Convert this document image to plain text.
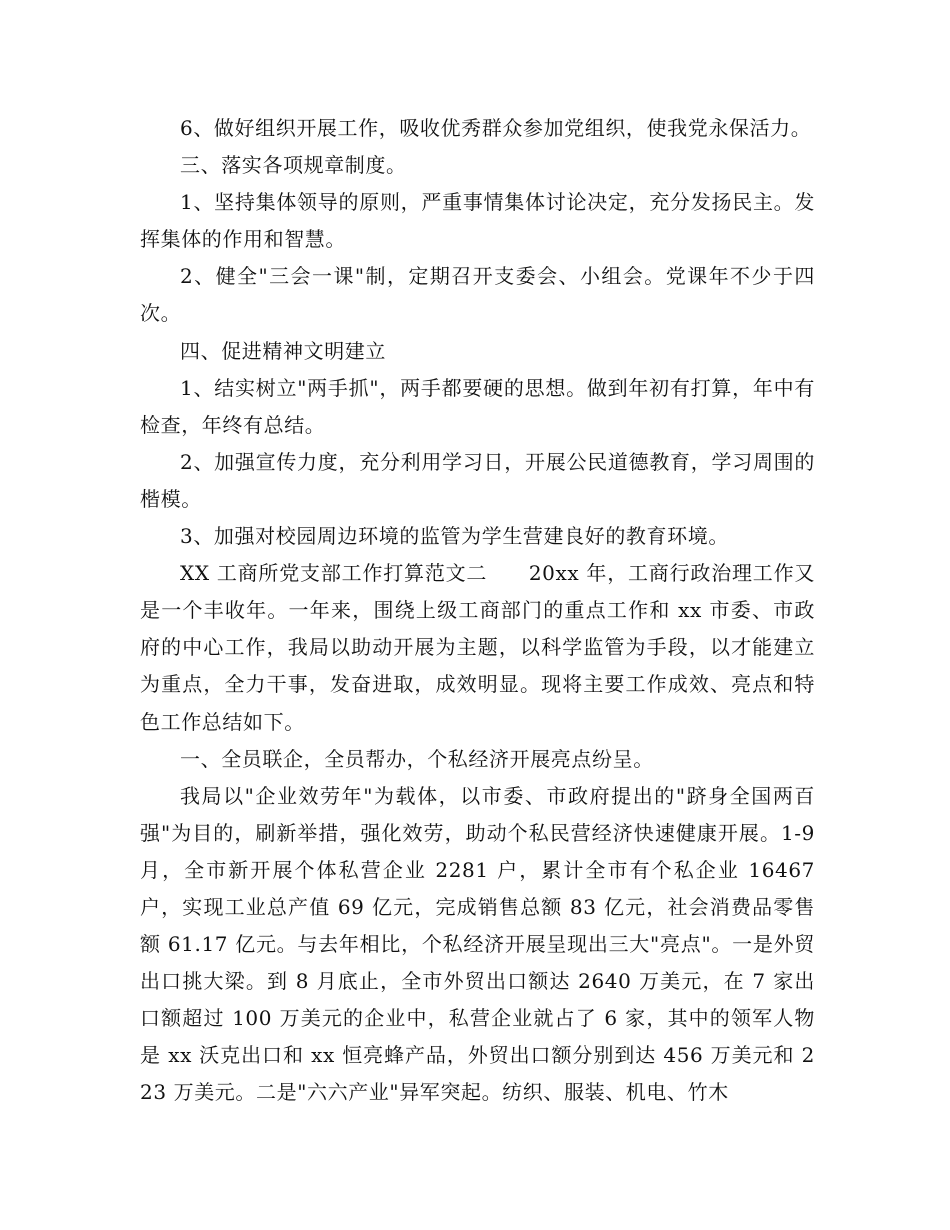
6、做好组织开展工作，吸收优秀群众参加党组织，使我党永保活力。

三、落实各项规章制度。

1、坚持集体领导的原则，严重事情集体讨论决定，充分发扬民主。发挥集体的作用和智慧。

2、健全"三会一课"制，定期召开支委会、小组会。党课年不少于四次。

四、促进精神文明建立

1、结实树立"两手抓"，两手都要硬的思想。做到年初有打算，年中有检查，年终有总结。

2、加强宣传力度，充分利用学习日，开展公民道德教育，学习周围的楷模。

3、加强对校园周边环境的监管为学生营建良好的教育环境。

XX 工商所党支部工作打算范文二　　20xx 年，工商行政治理工作又是一个丰收年。一年来，围绕上级工商部门的重点工作和 xx 市委、市政府的中心工作，我局以助动开展为主题，以科学监管为手段，以才能建立为重点，全力干事，发奋进取，成效明显。现将主要工作成效、亮点和特色工作总结如下。

一、全员联企，全员帮办，个私经济开展亮点纷呈。

我局以"企业效劳年"为载体，以市委、市政府提出的"跻身全国两百强"为目的，刷新举措，强化效劳，助动个私民营经济快速健康开展。1-9 月，全市新开展个体私营企业 2281 户，累计全市有个私企业 16467 户，实现工业总产值 69 亿元，完成销售总额 83 亿元，社会消费品零售额 61.17 亿元。与去年相比，个私经济开展呈现出三大"亮点"。一是外贸出口挑大梁。到 8 月底止，全市外贸出口额达 2640 万美元，在 7 家出口额超过 100 万美元的企业中，私营企业就占了 6 家，其中的领军人物是 xx 沃克出口和 xx 恒亮蜂产品，外贸出口额分别到达 456 万美元和 223 万美元。二是"六六产业"异军突起。纺织、服装、机电、竹木
